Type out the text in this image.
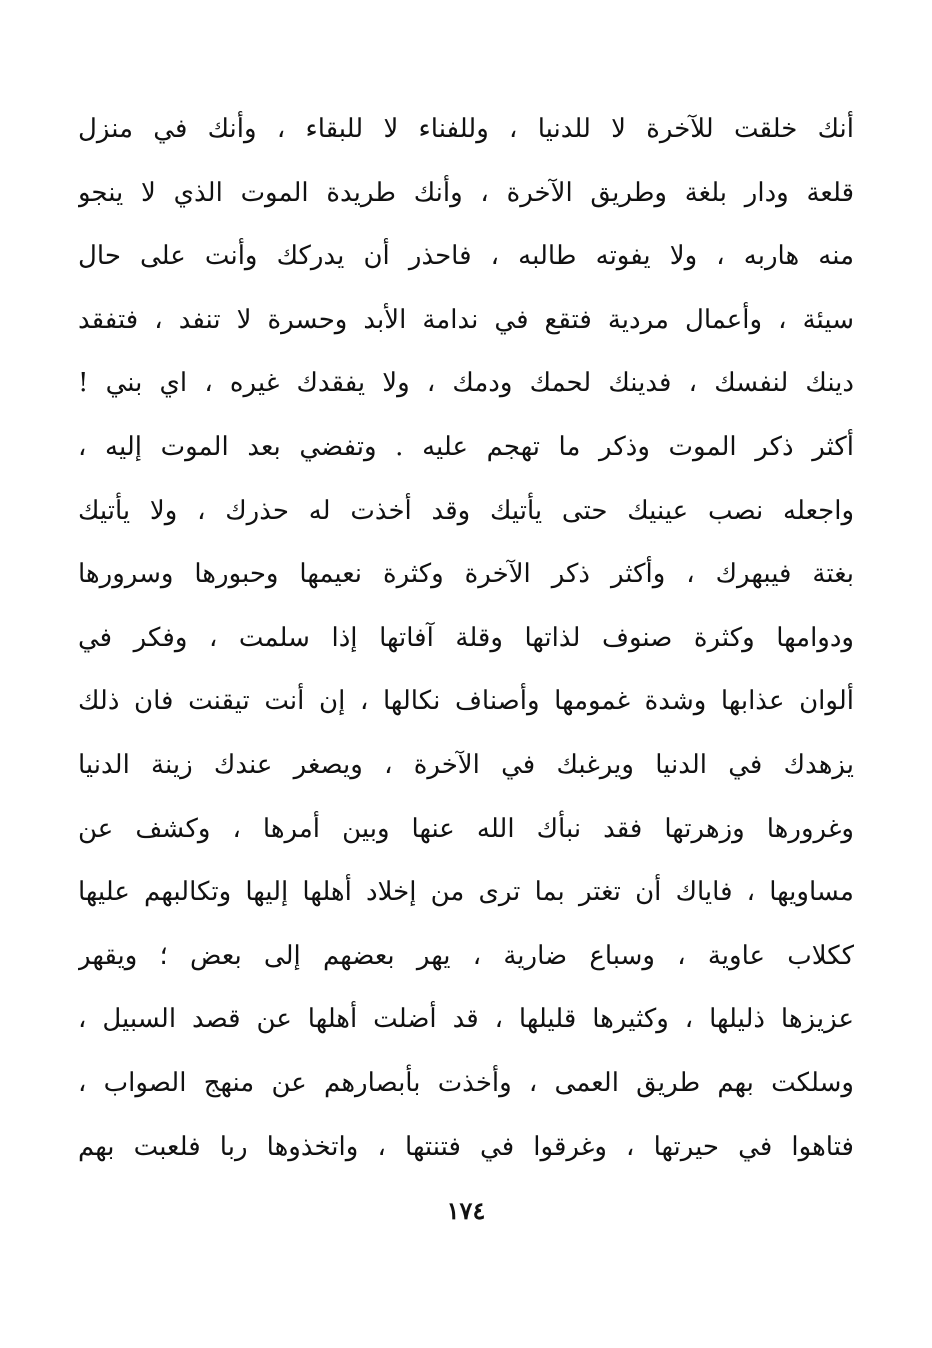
أنك خلقت للآخرة لا للدنيا ، وللفناء لا للبقاء ، وأنك في منزل
قلعة ودار بلغة وطريق الآخرة ، وأنك طريدة الموت الذي لا ينجو
منه هاربه ، ولا يفوته طالبه ، فاحذر أن يدركك وأنت على حال
سيئة ، وأعمال مردية فتقع في ندامة الأبد وحسرة لا تنفد ، فتفقد
دينك لنفسك ، فدينك لحمك ودمك ، ولا يفقدك غيره ، اي بني !
أكثر ذكر الموت وذكر ما تهجم عليه . وتفضي بعد الموت إليه ،
واجعله نصب عينيك حتى يأتيك وقد أخذت له حذرك ، ولا يأتيك
بغتة فيبهرك ، وأكثر ذكر الآخرة وكثرة نعيمها وحبورها وسرورها
ودوامها وكثرة صنوف لذاتها وقلة آفاتها إذا سلمت ، وفكر في
ألوان عذابها وشدة غمومها وأصناف نكالها ، إن أنت تيقنت فان ذلك
يزهدك في الدنيا ويرغبك في الآخرة ، ويصغر عندك زينة الدنيا
وغرورها وزهرتها فقد نبأك الله عنها وبين أمرها ، وكشف عن
مساويها ، فاياك أن تغتر بما ترى من إخلاد أهلها إليها وتكالبهم عليها
ككلاب عاوية ، وسباع ضارية ، يهر بعضهم إلى بعض ؛ ويقهر
عزيزها ذليلها ، وكثيرها قليلها ، قد أضلت أهلها عن قصد السبيل ،
وسلكت بهم طريق العمى ، وأخذت بأبصارهم عن منهج الصواب ،
فتاهوا في حيرتها ، وغرقوا في فتنتها ، واتخذوها ربا فلعبت بهم
١٧٤
